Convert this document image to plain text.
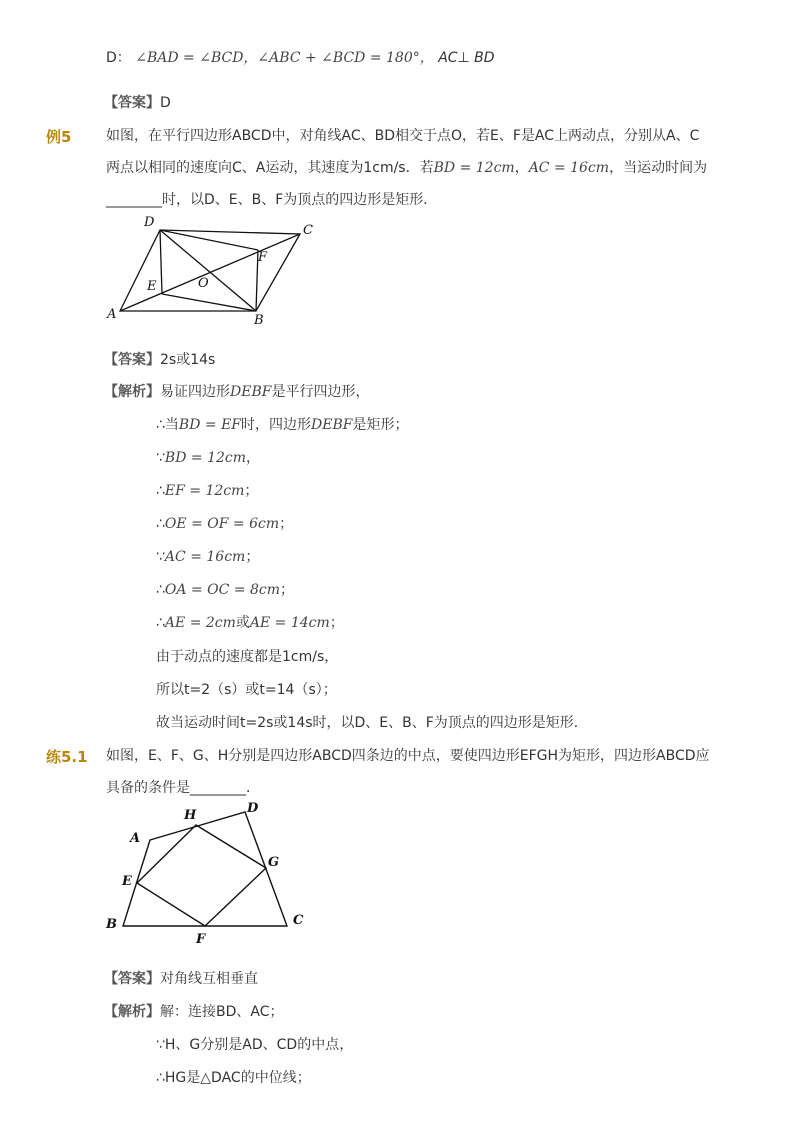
D： ∠BAD = ∠BCD，∠ABC + ∠BCD = 180°， AC⊥ BD
【答案】D
例5 如图，在平行四边形ABCD中，对角线AC、BD相交于点O，若E、F是AC上两动点，分别从A、C
两点以相同的速度向C、A运动，其速度为1cm/s．若BD = 12cm，AC = 16cm，当运动时间为
________时，以D、E、B、F为顶点的四边形是矩形．
A	B
C
D
E
F
O
【答案】2s或14s
【解析】易证四边形DEBF是平行四边形，
∴当BD = EF时，四边形DEBF是矩形；
∵BD = 12cm，
∴EF = 12cm；
∴OE = OF = 6cm；
∵AC = 16cm；
∴OA = OC = 8cm；
∴AE = 2cm或AE = 14cm；
由于动点的速度都是1cm/s，
所以t=2（s）或t=14（s）；
故当运动时间t=2s或14s时，以D、E、B、F为顶点的四边形是矩形．
练5.1 如图，E、F、G、H分别是四边形ABCD四条边的中点，要使四边形EFGH为矩形，四边形ABCD应
具备的条件是________．
A
B	C
D
E
F
G
H
【答案】对角线互相垂直
【解析】解：连接BD、AC；
∵H、G分别是AD、CD的中点，
∴HG是△DAC的中位线；
